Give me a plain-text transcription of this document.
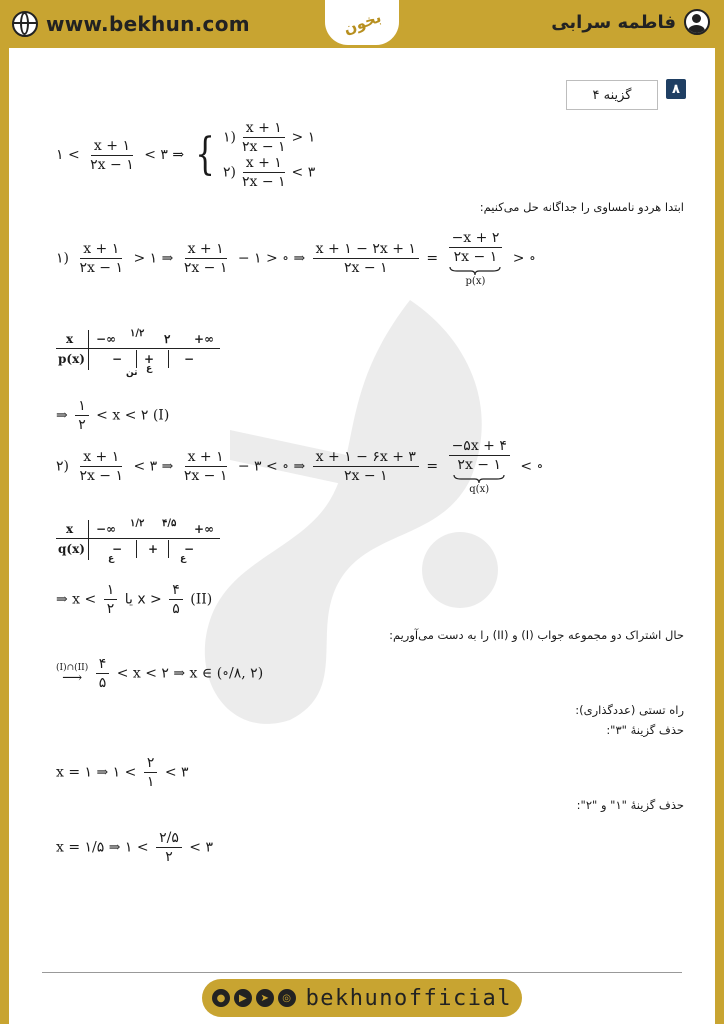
www.bekhun.com	بخون	فاطمه سرابی
۸
گزینه ۴
۱ < $\frac{x + ۱}{۲x - ۱}$ < ۳ ⇒ { ۱) $\frac{x + ۱}{۲x - ۱}$ > ۱
۲) $\frac{x + ۱}{۲x - ۱}$ < ۳
ابتدا هردو نامساوی را جداگانه حل می‌کنیم:
۱) $\frac{x + ۱}{۲x - ۱}$ > ۱ ⇒ $\frac{x + ۱}{۲x - ۱}$ − ۱ > ∘ ⇒ $\frac{x + ۱ - ۲x + ۱}{۲x - ۱} = \frac{-x + ۲}{۲x - ۱}$
p(x)
> ∘
x −∞ ۱/۲ ۲ +∞
p(x) − + −
تن ع
⇒ $\frac{۱}{۲} < x$ < ۲ (I)
۲) $\frac{x + ۱}{۲x - ۱}$ < ۳ ⇒ $\frac{x + ۱}{۲x - ۱}$ − ۳ < ∘ ⇒ $\frac{x + ۱ - ۶x + ۳}{۲x - ۱} = \frac{-۵x + ۴}{۲x - ۱}$
q(x)
< ∘
x −∞ ۱/۲ ۴/۵ +∞
q(x) − + −
ع	ع
⇒ $x < \frac{۱}{۲}$ یا $x > \frac{۴}{۵} (II)$
حال اشتراک دو مجموعه جواب (I) و (II) را به دست می‌آوریم:
(I)∩(II)
⟶
$\frac{۴}{۵} < x$ < ۲ ⇒ x ∈ (∘/۸, ۲)
راه تستی (عددگذاری):
حذف گزینهٔ "۳":
x = ۱ ⇒ ۱ < $\frac{۲}{۱}$ < ۳
حذف گزینهٔ "۱" و "۲":
x = ۱/۵ ⇒ ۱ < $\frac{۲/۵}{۲}$ < ۳
●	▶	➤	◎ bekhunofficial
